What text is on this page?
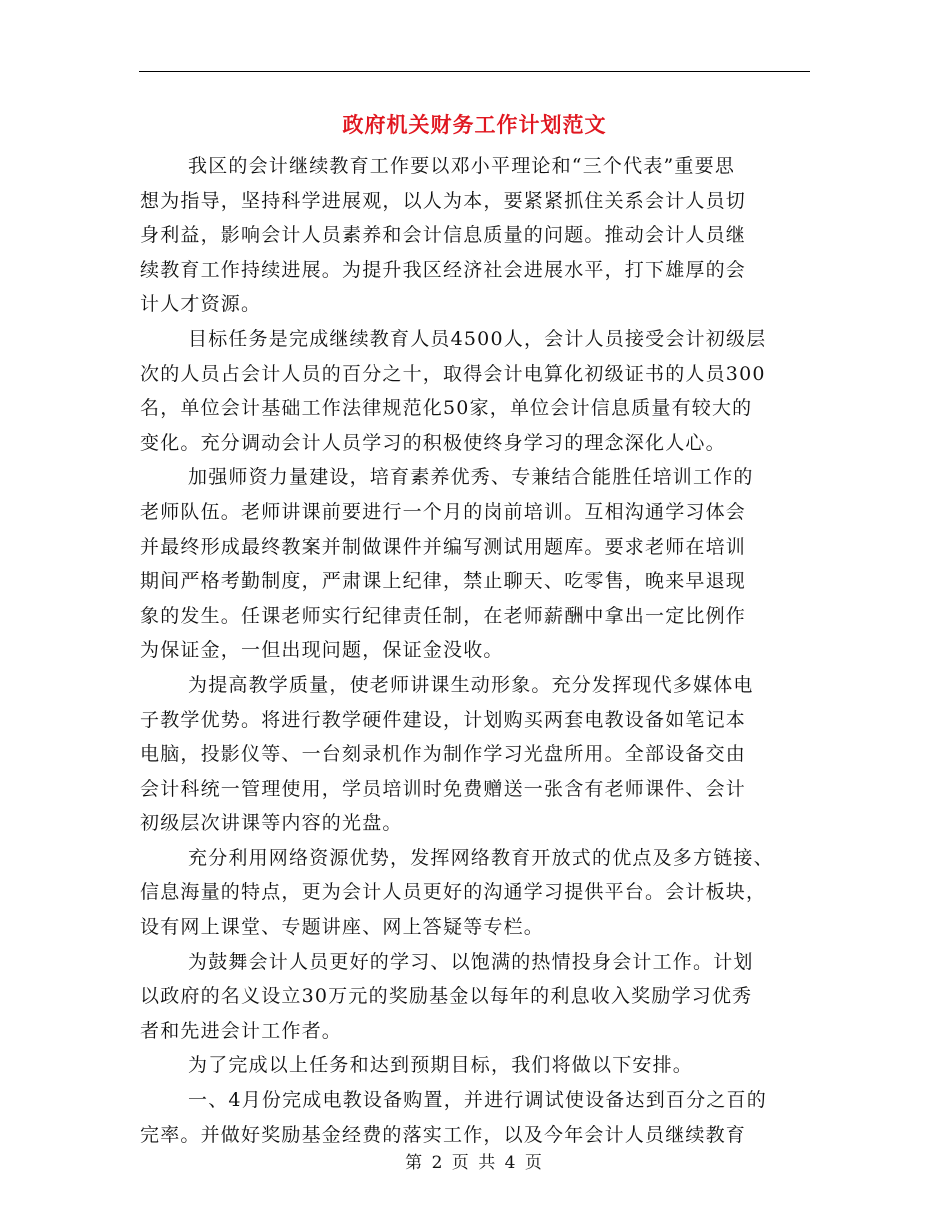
政府机关财务工作计划范文
我区的会计继续教育工作要以邓小平理论和“三个代表”重要思
想为指导，坚持科学进展观，以人为本，要紧紧抓住关系会计人员切
身利益，影响会计人员素养和会计信息质量的问题。推动会计人员继
续教育工作持续进展。为提升我区经济社会进展水平，打下雄厚的会
计人才资源。
目标任务是完成继续教育人员4500人，会计人员接受会计初级层
次的人员占会计人员的百分之十，取得会计电算化初级证书的人员300
名，单位会计基础工作法律规范化50家，单位会计信息质量有较大的
变化。充分调动会计人员学习的积极使终身学习的理念深化人心。
加强师资力量建设，培育素养优秀、专兼结合能胜任培训工作的
老师队伍。老师讲课前要进行一个月的岗前培训。互相沟通学习体会
并最终形成最终教案并制做课件并编写测试用题库。要求老师在培训
期间严格考勤制度，严肃课上纪律，禁止聊天、吃零售，晚来早退现
象的发生。任课老师实行纪律责任制，在老师薪酬中拿出一定比例作
为保证金，一但出现问题，保证金没收。
为提高教学质量，使老师讲课生动形象。充分发挥现代多媒体电
子教学优势。将进行教学硬件建设，计划购买两套电教设备如笔记本
电脑，投影仪等、一台刻录机作为制作学习光盘所用。全部设备交由
会计科统一管理使用，学员培训时免费赠送一张含有老师课件、会计
初级层次讲课等内容的光盘。
充分利用网络资源优势，发挥网络教育开放式的优点及多方链接、
信息海量的特点，更为会计人员更好的沟通学习提供平台。会计板块，
设有网上课堂、专题讲座、网上答疑等专栏。
为鼓舞会计人员更好的学习、以饱满的热情投身会计工作。计划
以政府的名义设立30万元的奖励基金以每年的利息收入奖励学习优秀
者和先进会计工作者。
为了完成以上任务和达到预期目标，我们将做以下安排。
一、4月份完成电教设备购置，并进行调试使设备达到百分之百的
完率。并做好奖励基金经费的落实工作，以及今年会计人员继续教育
第 2 页 共 4 页
